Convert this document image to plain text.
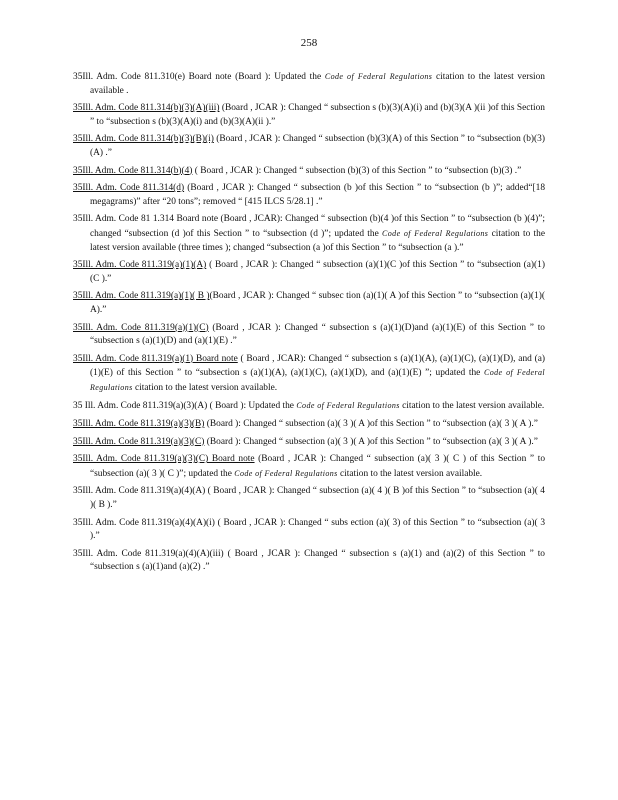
258

35Ill. Adm. Code 811.310(e) Board note (Board ): Updated the Code of Federal Regulations citation to the latest version available .

35Ill. Adm. Code 811.314(b)(3)(A)(iii) (Board , JCAR ): Changed “ subsection s (b)(3)(A)(i) and (b)(3)(A )(ii )of this Section ” to “subsection s (b)(3)(A)(i) and (b)(3)(A)(ii ).”

35Ill. Adm. Code 811.314(b)(3)(B)(i) (Board , JCAR ): Changed “ subsection (b)(3)(A) of this Section ” to “subsection (b)(3)(A) .”

35Ill. Adm. Code 811.314(b)(4) ( Board , JCAR ): Changed “ subsection (b)(3) of this Section ” to “subsection (b)(3) .”

35Ill. Adm. Code 811.314(d) (Board , JCAR ): Changed “ subsection (b )of this Section ” to “subsection (b )”; added“[18 megagrams)” after “20 tons”; removed “ [415 ILCS 5/28.1] .”

35Ill. Adm. Code 81 1.314 Board note (Board , JCAR): Changed “ subsection (b)(4 )of this Section ” to “subsection (b )(4)”; changed “subsection (d )of this Section ” to “subsection (d )”; updated the Code of Federal Regulations citation to the latest version available (three times ); changed “subsection (a )of this Section ” to “subsection (a ).”

35Ill. Adm. Code 811.319(a)(1)(A) ( Board , JCAR ): Changed “ subsection (a)(1)(C )of this Section ” to “subsection (a)(1)(C ).”

35Ill. Adm. Code 811.319(a)(1)( B )(Board , JCAR ): Changed “ subsec tion (a)(1)( A )of this Section ” to “subsection (a)(1)( A).”

35Ill. Adm. Code 811.319(a)(1)(C) (Board , JCAR ): Changed “ subsection s (a)(1)(D)and (a)(1)(E) of this Section ” to “subsection s (a)(1)(D) and (a)(1)(E) .”

35Ill. Adm. Code 811.319(a)(1) Board note ( Board , JCAR): Changed “ subsection s (a)(1)(A), (a)(1)(C), (a)(1)(D), and (a)(1)(E) of this Section ” to “subsection s (a)(1)(A), (a)(1)(C), (a)(1)(D), and (a)(1)(E) ”; updated the Code of Federal Regulations citation to the latest version available.

35 Ill. Adm. Code 811.319(a)(3)(A) ( Board ): Updated the Code of Federal Regulations citation to the latest version available.

35Ill. Adm. Code 811.319(a)(3)(B) (Board ): Changed “ subsection (a)( 3 )( A )of this Section ” to “subsection (a)( 3 )( A ).”

35Ill. Adm. Code 811.319(a)(3)(C) (Board ): Changed “ subsection (a)( 3 )( A )of this Section ” to “subsection (a)( 3 )( A ).”

35Ill. Adm. Code 811.319(a)(3)(C) Board note (Board , JCAR ): Changed “ subsection (a)( 3 )( C ) of this Section ” to “subsection (a)( 3 )( C )”; updated the Code of Federal Regulations citation to the latest version available.

35Ill. Adm. Code 811.319(a)(4)(A) ( Board , JCAR ): Changed “ subsection (a)( 4 )( B )of this Section ” to “subsection (a)( 4 )( B ).”

35Ill. Adm. Code 811.319(a)(4)(A)(i) ( Board , JCAR ): Changed “ subs ection (a)( 3) of this Section ” to “subsection (a)( 3 ).”

35Ill. Adm. Code 811.319(a)(4)(A)(iii) ( Board , JCAR ): Changed “ subsection s (a)(1) and (a)(2) of this Section ” to “subsection s (a)(1)and (a)(2) .”
